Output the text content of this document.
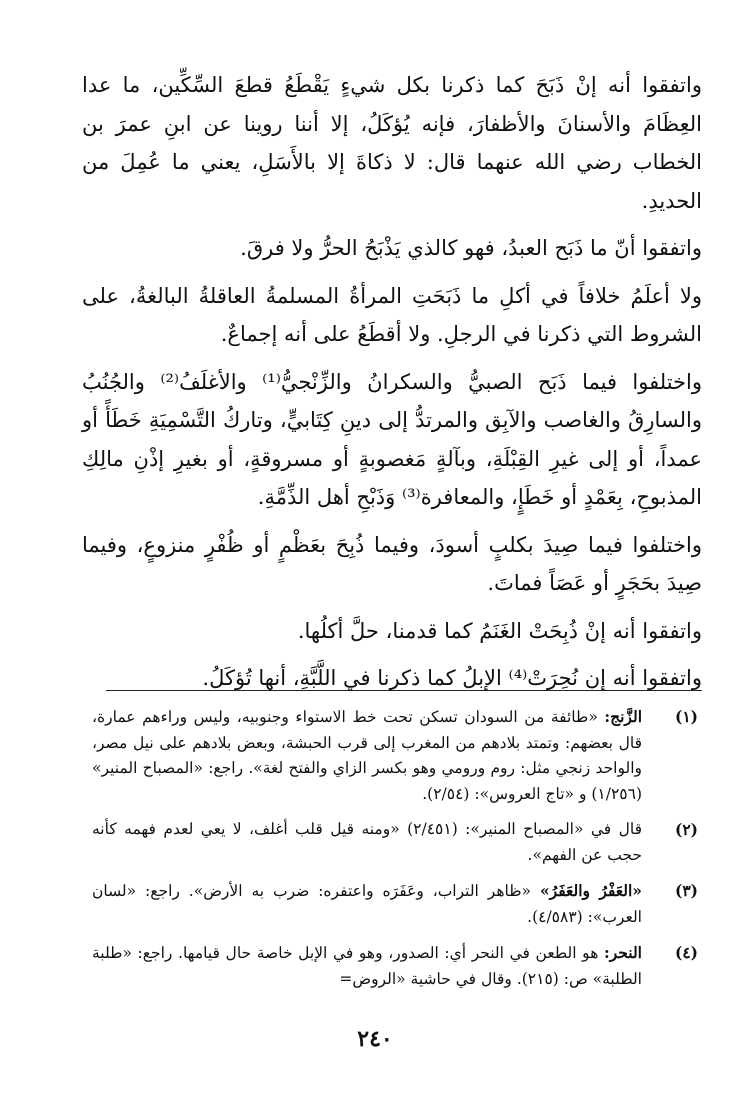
واتفقوا أنه إنْ ذَبَحَ كما ذكرنا بكل شيءٍ يَقْطَعُ قطعَ السِّكِّين، ما عدا العِظَامَ والأسنانَ والأظفارَ، فإنه يُؤكَلُ، إلا أننا روينا عن ابنِ عمرَ بن الخطاب رضي الله عنهما قال: لا ذكاةَ إلا بالأَسَلِ، يعني ما عُمِلَ من الحديدِ.

واتفقوا أنّ ما ذَبَح العبدُ، فهو كالذي يَذْبَحُ الحرُّ ولا فرقَ.

ولا أعلَمُ خلافاً في أكلِ ما ذَبَحَتِ المرأةُ المسلمةُ العاقلةُ البالغةُ، على الشروط التي ذكرنا في الرجلِ. ولا أقطَعُ على أنه إجماعٌ.

واختلفوا فيما ذَبَح الصبيُّ والسكرانُ والزِّنْجيُّ⁽¹⁾ والأغلَفُ⁽²⁾ والجُنُبُ والسارِقُ والغاصب والآبِق والمرتدُّ إلى دينِ كِتَابيٍّ، وتاركُ التَّسْمِيَةِ خَطَأً أو عمداً، أو إلى غيرِ القِبْلَةِ، وبآلةٍ مَغصوبةٍ أو مسروقةٍ، أو بغيرِ إذْنِ مالِكِ المذبوحِ، بِعَمْدٍ أو خَطَإٍ، والمعافرة⁽³⁾ وَذَبْحِ أهل الذِّمَّةِ.

واختلفوا فيما صِيدَ بكلبٍ أسودَ، وفيما ذُبِحَ بعَظْمٍ أو ظُفْرٍ منزوعٍ، وفيما صِيدَ بحَجَرٍ أو عَصَاً فماتَ.

واتفقوا أنه إنْ ذُبِحَتْ الغَنَمُ كما قدمنا، حلَّ أكلُها.

واتفقوا أنه إن نُحِرَتْ⁽⁴⁾ الإبلُ كما ذكرنا في اللَّبَّةِ، أنها تُؤكَلُ.

(١)
الزَّنج: «طائفة من السودان تسكن تحت خط الاستواء وجنوبيه، وليس وراءهم عمارة، قال بعضهم: وتمتد بلادهم من المغرب إلى قرب الحبشة، وبعض بلادهم على نيل مصر، والواحد زنجي مثل: روم ورومي وهو بكسر الزاي والفتح لغة». راجع: «المصباح المنير» (١/٢٥٦) و «تاج العروس»: (٢/٥٤).
(٢)
قال في «المصباح المنير»: (٢/٤٥١) «ومنه قيل قلب أغلف، لا يعي لعدم فهمه كأنه حجب عن الفهم».
(٣)
«العَفْرُ والعَفَرُ» «ظاهر التراب، وعَفَرَه واعتفره: ضرب به الأرض». راجع: «لسان العرب»: (٤/٥٨٣).
(٤)
النحر: هو الطعن في النحر أي: الصدور، وهو في الإبل خاصة حال قيامها. راجع: «طلبة الطلبة» ص: (٢١٥). وقال في حاشية «الروض=
٢٤٠
